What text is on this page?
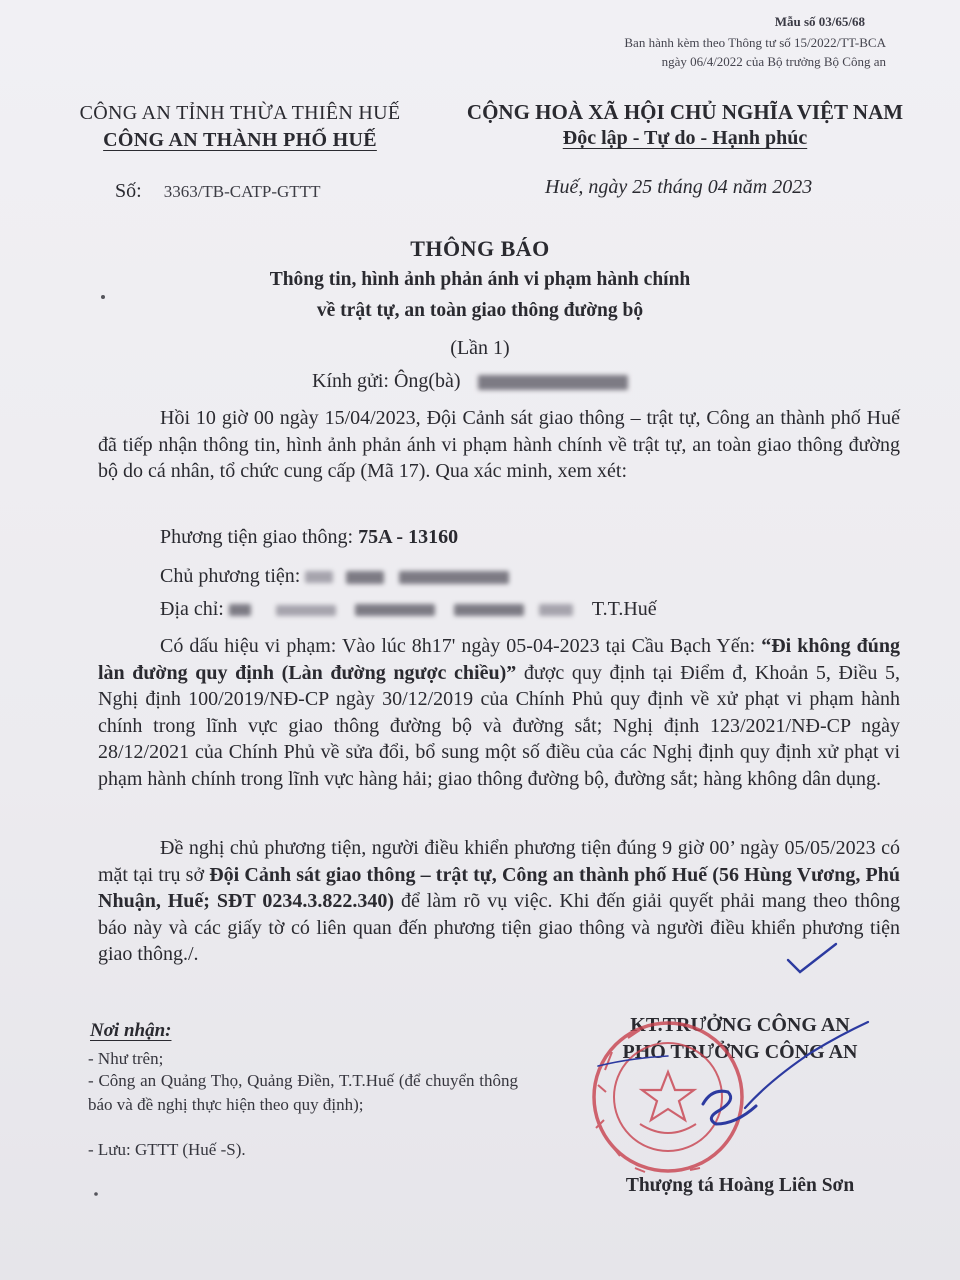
Mẫu số 03/65/68
Ban hành kèm theo Thông tư số 15/2022/TT-BCA
ngày 06/4/2022 của Bộ trưởng Bộ Công an
CÔNG AN TỈNH THỪA THIÊN HUẾ
CÔNG AN THÀNH PHỐ HUẾ
Số: 3363/TB-CATP-GTTT
CỘNG HOÀ XÃ HỘI CHỦ NGHĨA VIỆT NAM
Độc lập - Tự do - Hạnh phúc
Huế, ngày 25 tháng 04 năm 2023
THÔNG BÁO
Thông tin, hình ảnh phản ánh vi phạm hành chính
về trật tự, an toàn giao thông đường bộ
(Lần 1)
Kính gửi: Ông(bà)
Hồi 10 giờ 00 ngày 15/04/2023, Đội Cảnh sát giao thông – trật tự, Công an thành phố Huế đã tiếp nhận thông tin, hình ảnh phản ánh vi phạm hành chính về trật tự, an toàn giao thông đường bộ do cá nhân, tổ chức cung cấp (Mã 17). Qua xác minh, xem xét:
Phương tiện giao thông: 75A - 13160
Chủ phương tiện:
Địa chỉ:	T.T.Huế
Có dấu hiệu vi phạm: Vào lúc 8h17' ngày 05-04-2023 tại Cầu Bạch Yến: “Đi không đúng làn đường quy định (Làn đường ngược chiều)” được quy định tại Điểm đ, Khoản 5, Điều 5, Nghị định 100/2019/NĐ-CP ngày 30/12/2019 của Chính Phủ quy định về xử phạt vi phạm hành chính trong lĩnh vực giao thông đường bộ và đường sắt; Nghị định 123/2021/NĐ-CP ngày 28/12/2021 của Chính Phủ về sửa đổi, bổ sung một số điều của các Nghị định quy định xử phạt vi phạm hành chính trong lĩnh vực hàng hải; giao thông đường bộ, đường sắt; hàng không dân dụng.
Đề nghị chủ phương tiện, người điều khiển phương tiện đúng 9 giờ 00’ ngày 05/05/2023 có mặt tại trụ sở Đội Cảnh sát giao thông – trật tự, Công an thành phố Huế (56 Hùng Vương, Phú Nhuận, Huế; SĐT 0234.3.822.340) để làm rõ vụ việc. Khi đến giải quyết phải mang theo thông báo này và các giấy tờ có liên quan đến phương tiện giao thông và người điều khiển phương tiện giao thông./.
Nơi nhận:
- Như trên;
- Công an Quảng Thọ, Quảng Điền, T.T.Huế (để chuyển thông báo và đề nghị thực hiện theo quy định);
- Lưu: GTTT (Huế -S).
KT.TRƯỞNG CÔNG AN
PHÓ TRƯỞNG CÔNG AN
Thượng tá Hoàng Liên Sơn
